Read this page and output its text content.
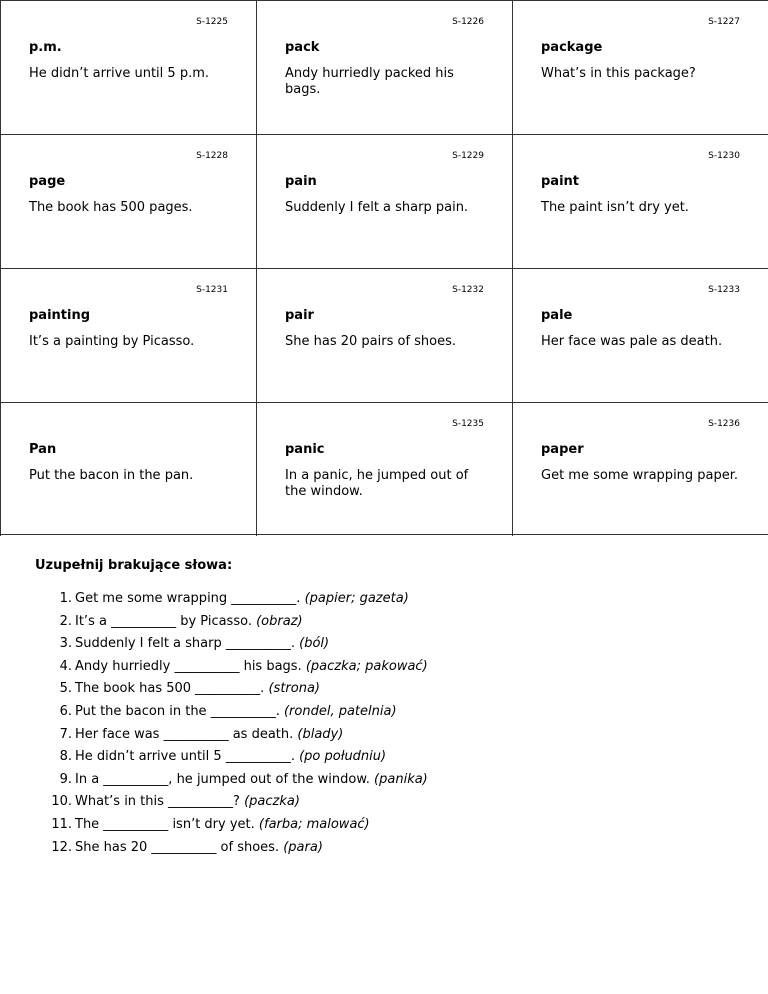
S-1225
p.m.
He didn’t arrive until 5 p.m.
S-1226
pack
Andy hurriedly packed his bags.
S-1227
package
What’s in this package?
S-1228
page
The book has 500 pages.
S-1229
pain
Suddenly I felt a sharp pain.
S-1230
paint
The paint isn’t dry yet.
S-1231
painting
It’s a painting by Picasso.
S-1232
pair
She has 20 pairs of shoes.
S-1233
pale
Her face was pale as death.
Pan
Put the bacon in the pan.
S-1235
panic
In a panic, he jumped out of the window.
S-1236
paper
Get me some wrapping paper.

Uzupełnij brakujące słowa:

1. Get me some wrapping __________. (papier; gazeta)
2. It’s a __________ by Picasso. (obraz)
3. Suddenly I felt a sharp __________. (ból)
4. Andy hurriedly __________ his bags. (paczka; pakować)
5. The book has 500 __________. (strona)
6. Put the bacon in the __________. (rondel, patelnia)
7. Her face was __________ as death. (blady)
8. He didn’t arrive until 5 __________. (po południu)
9. In a __________, he jumped out of the window. (panika)
10. What’s in this __________? (paczka)
11. The __________ isn’t dry yet. (farba; malować)
12. She has 20 __________ of shoes. (para)
